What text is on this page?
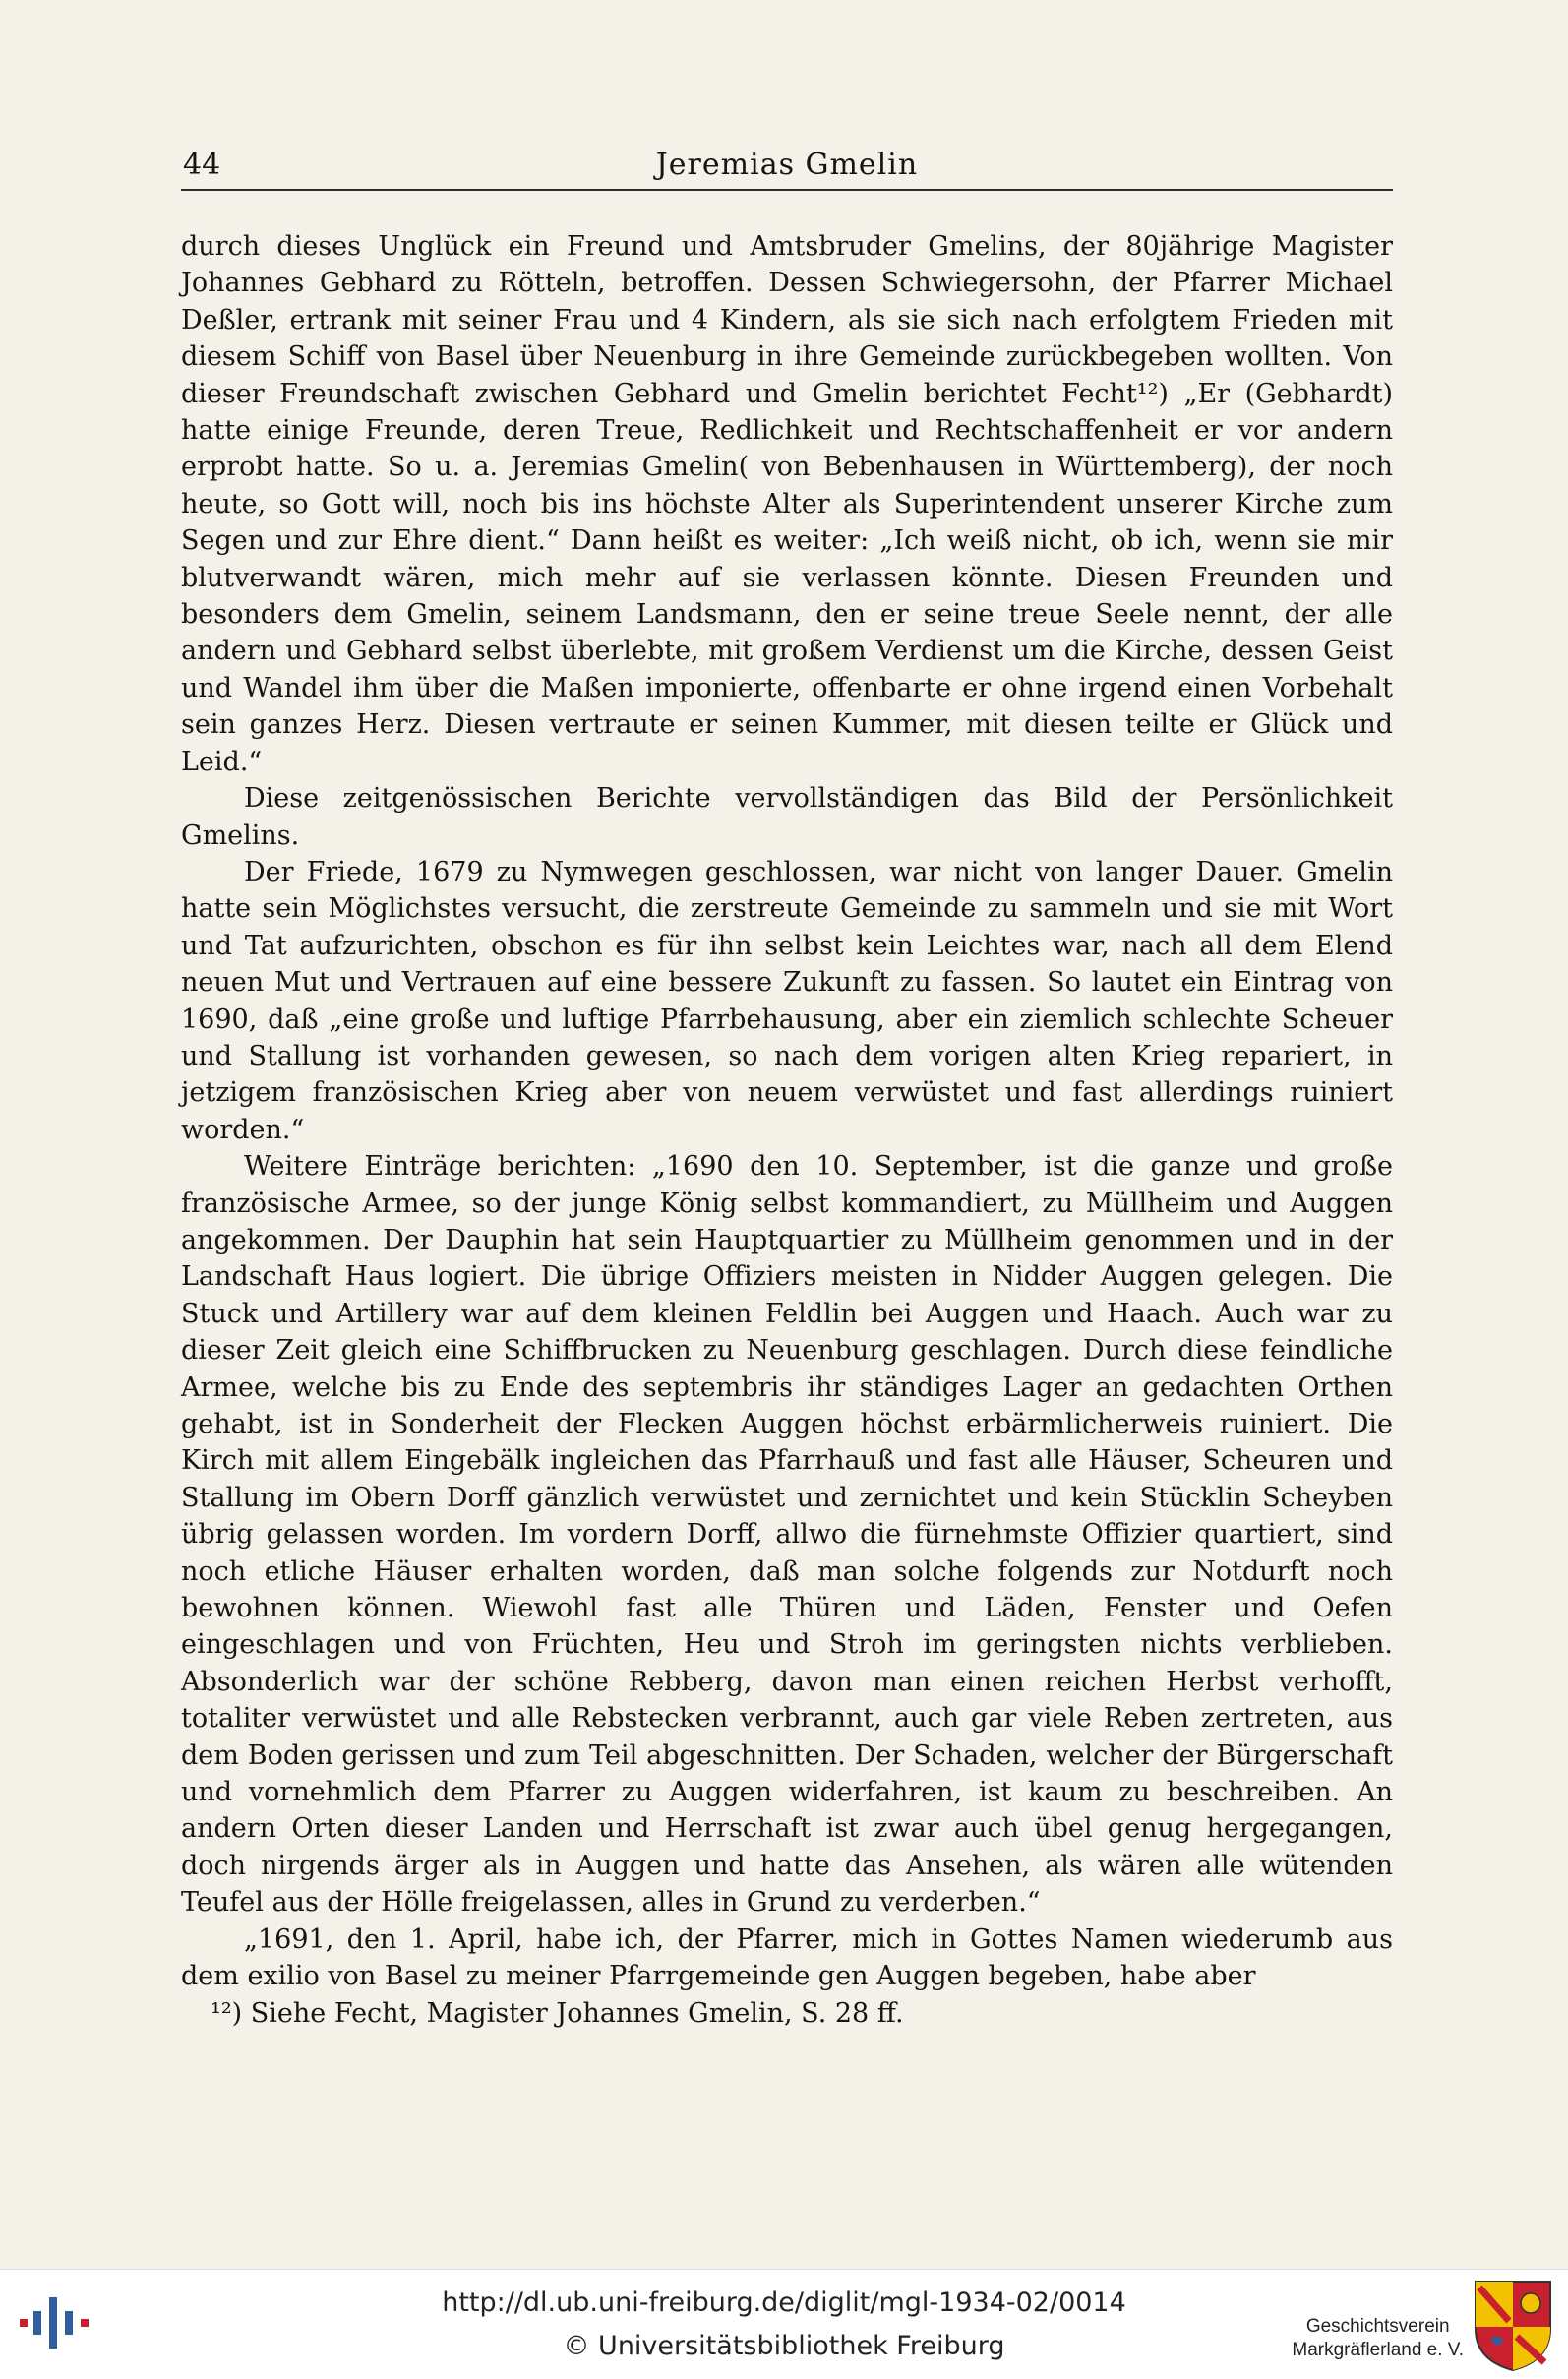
44	Jeremias Gmelin

durch dieses Unglück ein Freund und Amtsbruder Gmelins, der 80jährige Magister Johannes Gebhard zu Rötteln, betroffen. Dessen Schwiegersohn, der Pfarrer Michael Deßler, ertrank mit seiner Frau und 4 Kindern, als sie sich nach erfolgtem Frieden mit diesem Schiff von Basel über Neuenburg in ihre Gemeinde zurückbegeben wollten. Von dieser Freundschaft zwischen Gebhard und Gmelin berichtet Fecht¹²) „Er (Gebhardt) hatte einige Freunde, deren Treue, Redlichkeit und Rechtschaffenheit er vor andern erprobt hatte. So u. a. Jeremias Gmelin( von Bebenhausen in Württemberg), der noch heute, so Gott will, noch bis ins höchste Alter als Superintendent unserer Kirche zum Segen und zur Ehre dient.“ Dann heißt es weiter: „Ich weiß nicht, ob ich, wenn sie mir blutverwandt wären, mich mehr auf sie verlassen könnte. Diesen Freunden und besonders dem Gmelin, seinem Landsmann, den er seine treue Seele nennt, der alle andern und Gebhard selbst überlebte, mit großem Verdienst um die Kirche, dessen Geist und Wandel ihm über die Maßen imponierte, offenbarte er ohne irgend einen Vorbehalt sein ganzes Herz. Diesen vertraute er seinen Kummer, mit diesen teilte er Glück und Leid.“

Diese zeitgenössischen Berichte vervollständigen das Bild der Persönlichkeit Gmelins.

Der Friede, 1679 zu Nymwegen geschlossen, war nicht von langer Dauer. Gmelin hatte sein Möglichstes versucht, die zerstreute Gemeinde zu sammeln und sie mit Wort und Tat aufzurichten, obschon es für ihn selbst kein Leichtes war, nach all dem Elend neuen Mut und Vertrauen auf eine bessere Zukunft zu fassen. So lautet ein Eintrag von 1690, daß „eine große und luftige Pfarrbehausung, aber ein ziemlich schlechte Scheuer und Stallung ist vorhanden gewesen, so nach dem vorigen alten Krieg repariert, in jetzigem französischen Krieg aber von neuem verwüstet und fast allerdings ruiniert worden.“

Weitere Einträge berichten: „1690 den 10. September, ist die ganze und große französische Armee, so der junge König selbst kommandiert, zu Müllheim und Auggen angekommen. Der Dauphin hat sein Hauptquartier zu Müllheim genommen und in der Landschaft Haus logiert. Die übrige Offiziers meisten in Nidder Auggen gelegen. Die Stuck und Artillery war auf dem kleinen Feldlin bei Auggen und Haach. Auch war zu dieser Zeit gleich eine Schiffbrucken zu Neuenburg geschlagen. Durch diese feindliche Armee, welche bis zu Ende des septembris ihr ständiges Lager an gedachten Orthen gehabt, ist in Sonderheit der Flecken Auggen höchst erbärmlicherweis ruiniert. Die Kirch mit allem Eingebälk ingleichen das Pfarrhauß und fast alle Häuser, Scheuren und Stallung im Obern Dorff gänzlich verwüstet und zernichtet und kein Stücklin Scheyben übrig gelassen worden. Im vordern Dorff, allwo die fürnehmste Offizier quartiert, sind noch etliche Häuser erhalten worden, daß man solche folgends zur Notdurft noch bewohnen können. Wiewohl fast alle Thüren und Läden, Fenster und Oefen eingeschlagen und von Früchten, Heu und Stroh im geringsten nichts verblieben. Absonderlich war der schöne Rebberg, davon man einen reichen Herbst verhofft, totaliter verwüstet und alle Rebstecken verbrannt, auch gar viele Reben zertreten, aus dem Boden gerissen und zum Teil abgeschnitten. Der Schaden, welcher der Bürgerschaft und vornehmlich dem Pfarrer zu Auggen widerfahren, ist kaum zu beschreiben. An andern Orten dieser Landen und Herrschaft ist zwar auch übel genug hergegangen, doch nirgends ärger als in Auggen und hatte das Ansehen, als wären alle wütenden Teufel aus der Hölle freigelassen, alles in Grund zu verderben.“

„1691, den 1. April, habe ich, der Pfarrer, mich in Gottes Namen wiederumb aus dem exilio von Basel zu meiner Pfarrgemeinde gen Auggen begeben, habe aber

¹²) Siehe Fecht, Magister Johannes Gmelin, S. 28 ff.
http://dl.ub.uni-freiburg.de/diglit/mgl-1934-02/0014
© Universitätsbibliothek Freiburg
Geschichtsverein
Markgräflerland e. V.
